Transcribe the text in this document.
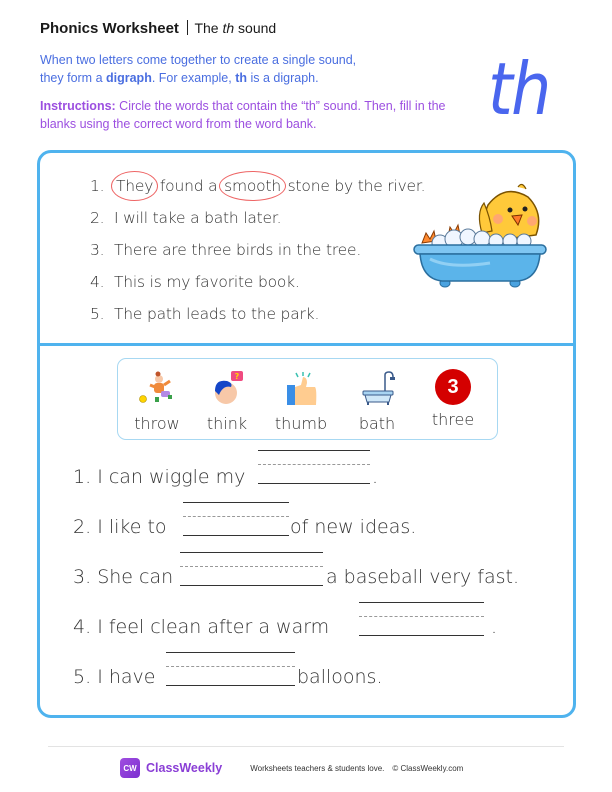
Phonics Worksheet The th sound
When two letters come together to create a single sound,
they form a digraph. For example, th is a digraph.
Instructions: Circle the words that contain the “th” sound. Then, fill in the blanks using the correct word from the word bank.	th
1. They found a smooth stone by the river.
2. I will take a bath later.
3. There are three birds in the tree.
4. This is my favorite book.
5. The path leads to the park.
throw
?
think	thumb	bath
3
three
1. I can wiggle my	.
2. I like to	of new ideas.
3. She can	a baseball very fast.
4. I feel clean after a warm	.
5. I have	balloons.
CW ClassWeekly	Worksheets teachers & students love. © ClassWeekly.com
